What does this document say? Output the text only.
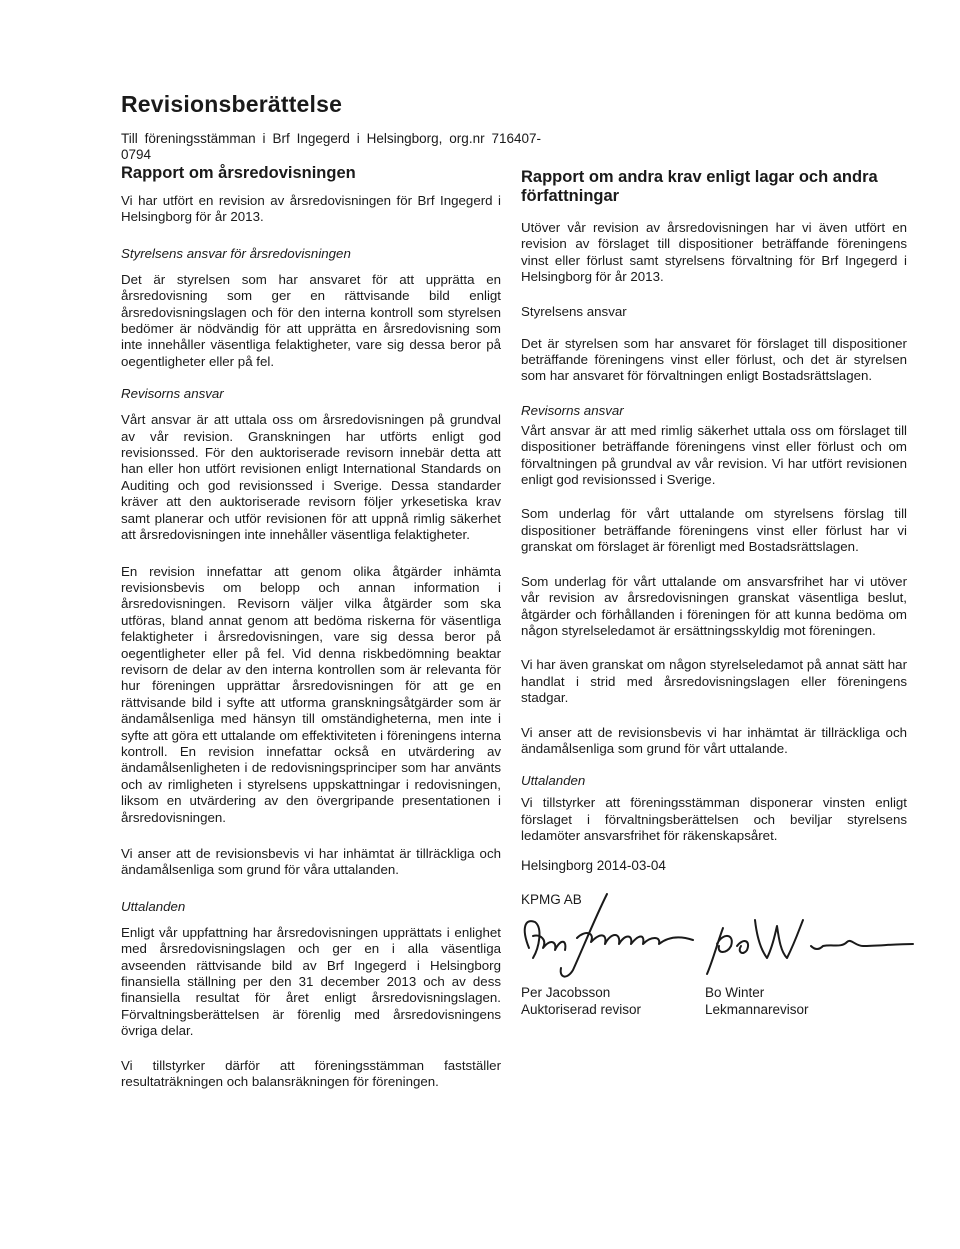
Revisionsberättelse

Till föreningsstämman i Brf Ingegerd i Helsingborg, org.nr 716407-0794

Rapport om årsredovisningen

Vi har utfört en revision av årsredovisningen för Brf Ingegerd i Helsingborg för år 2013.

Styrelsens ansvar för årsredovisningen

Det är styrelsen som har ansvaret för att upprätta en årsredovisning som ger en rättvisande bild enligt årsredovisningslagen och för den interna kontroll som styrelsen bedömer är nödvändig för att upprätta en årsredovisning som inte innehåller väsentliga felaktigheter, vare sig dessa beror på oegentligheter eller på fel.

Revisorns ansvar

Vårt ansvar är att uttala oss om årsredovisningen på grundval av vår revision. Granskningen har utförts enligt god revisionssed. För den auktoriserade revisorn innebär detta att han eller hon utfört revisionen enligt International Standards on Auditing och god revisionssed i Sverige. Dessa standarder kräver att den auktoriserade revisorn följer yrkesetiska krav samt planerar och utför revisionen för att uppnå rimlig säkerhet att årsredovisningen inte innehåller väsentliga felaktigheter.

En revision innefattar att genom olika åtgärder inhämta revisionsbevis om belopp och annan information i årsredovisningen. Revisorn väljer vilka åtgärder som ska utföras, bland annat genom att bedöma riskerna för väsentliga felaktigheter i årsredovisningen, vare sig dessa beror på oegentligheter eller på fel. Vid denna riskbedömning beaktar revisorn de delar av den interna kontrollen som är relevanta för hur föreningen upprättar årsredovisningen för att ge en rättvisande bild i syfte att utforma granskningsåtgärder som är ändamålsenliga med hänsyn till omständigheterna, men inte i syfte att göra ett uttalande om effektiviteten i föreningens interna kontroll. En revision innefattar också en utvärdering av ändamålsenligheten i de redovisningsprinciper som har använts och av rimligheten i styrelsens uppskattningar i redovisningen, liksom en utvärdering av den övergripande presentationen i årsredovisningen.

Vi anser att de revisionsbevis vi har inhämtat är tillräckliga och ändamålsenliga som grund för våra uttalanden.

Uttalanden

Enligt vår uppfattning har årsredovisningen upprättats i enlighet med årsredovisningslagen och ger en i alla väsentliga avseenden rättvisande bild av Brf Ingegerd i Helsingborg finansiella ställning per den 31 december 2013 och av dess finansiella resultat för året enligt årsredovisningslagen. Förvaltningsberättelsen är förenlig med årsredovisningens övriga delar.

Vi tillstyrker därför att föreningsstämman fastställer resultaträkningen och balansräkningen för föreningen.

Rapport om andra krav enligt lagar och andra författningar

Utöver vår revision av årsredovisningen har vi även utfört en revision av förslaget till dispositioner beträffande föreningens vinst eller förlust samt styrelsens förvaltning för Brf Ingegerd i Helsingborg för år 2013.

Styrelsens ansvar

Det är styrelsen som har ansvaret för förslaget till dispositioner beträffande föreningens vinst eller förlust, och det är styrelsen som har ansvaret för förvaltningen enligt Bostadsrättslagen.

Revisorns ansvar

Vårt ansvar är att med rimlig säkerhet uttala oss om förslaget till dispositioner beträffande föreningens vinst eller förlust och om förvaltningen på grundval av vår revision. Vi har utfört revisionen enligt god revisionssed i Sverige.

Som underlag för vårt uttalande om styrelsens förslag till dispositioner beträffande föreningens vinst eller förlust har vi granskat om förslaget är förenligt med Bostadsrättslagen.

Som underlag för vårt uttalande om ansvarsfrihet har vi utöver vår revision av årsredovisningen granskat väsentliga beslut, åtgärder och förhållanden i föreningen för att kunna bedöma om någon styrelseledamot är ersättningsskyldig mot föreningen.

Vi har även granskat om någon styrelseledamot på annat sätt har handlat i strid med årsredovisningslagen eller föreningens stadgar.

Vi anser att de revisionsbevis vi har inhämtat är tillräckliga och ändamålsenliga som grund för vårt uttalande.

Uttalanden

Vi tillstyrker att föreningsstämman disponerar vinsten enligt förslaget i förvaltningsberättelsen och beviljar styrelsens ledamöter ansvarsfrihet för räkenskapsåret.

Helsingborg 2014-03-04
KPMG AB
Per Jacobsson
Auktoriserad revisor
Bo Winter
Lekmannarevisor
